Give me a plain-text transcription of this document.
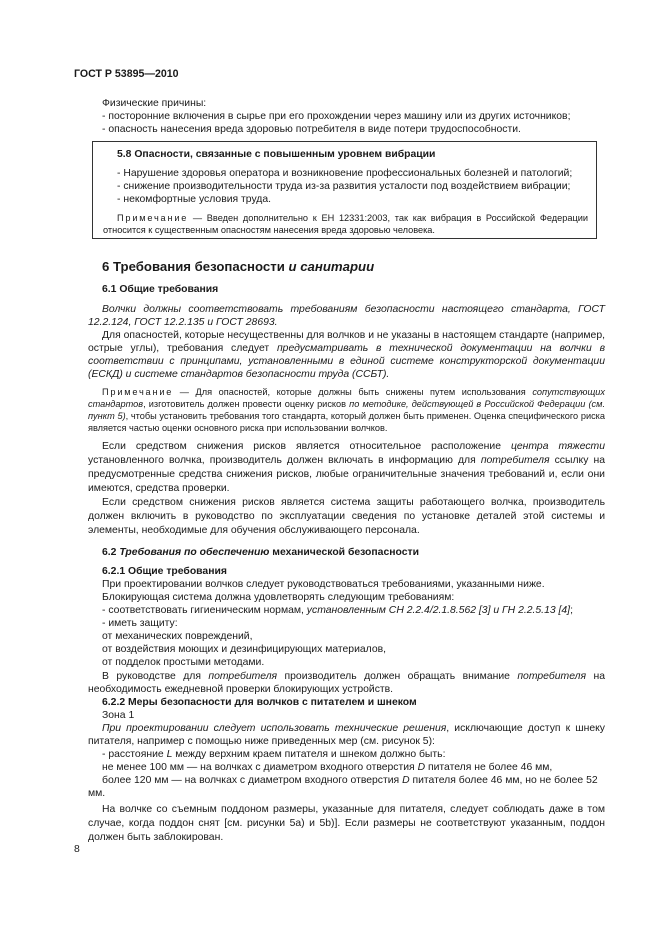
ГОСТ Р 53895—2010

Физические причины:

- посторонние включения в сырье при его прохождении через машину или из других источников;

- опасность нанесения вреда здоровью потребителя в виде потери трудоспособности.

5.8 Опасности, связанные с повышенным уровнем вибрации

- Нарушение здоровья оператора и возникновение профессиональных болезней и патологий;

- снижение производительности труда из-за развития усталости под воздействием вибрации;

- некомфортные условия труда.

Примечание — Введен дополнительно к ЕН 12331:2003, так как вибрация в Российской Федерации относится к существенным опасностям нанесения вреда здоровью человека.

6 Требования безопасности и санитарии
6.1 Общие требования

Волчки должны соответствовать требованиям безопасности настоящего стандарта, ГОСТ 12.2.124, ГОСТ 12.2.135 и ГОСТ 28693.

Для опасностей, которые несущественны для волчков и не указаны в настоящем стандарте (например, острые углы), требования следует предусматривать в технической документации на волчки в соответствии с принципами, установленными в единой системе конструкторской документации (ЕСКД) и системе стандартов безопасности труда (ССБТ).

Примечание — Для опасностей, которые должны быть снижены путем использования сопутствующих стандартов, изготовитель должен провести оценку рисков по методике, действующей в Российской Федерации (см. пункт 5), чтобы установить требования того стандарта, который должен быть применен. Оценка специфического риска является частью оценки основного риска при использовании волчков.

Если средством снижения рисков является относительное расположение центра тяжести установленного волчка, производитель должен включать в информацию для потребителя ссылку на предусмотренные средства снижения рисков, любые ограничительные значения требований и, если они имеются, средства проверки.

Если средством снижения рисков является система защиты работающего волчка, производитель должен включить в руководство по эксплуатации сведения по установке деталей этой системы и элементы, необходимые для обучения обслуживающего персонала.

6.2 Требования по обеспечению механической безопасности

6.2.1 Общие требования

При проектировании волчков следует руководствоваться требованиями, указанными ниже.

Блокирующая система должна удовлетворять следующим требованиям:

- соответствовать гигиеническим нормам, установленным СН 2.2.4/2.1.8.562 [3] и ГН 2.2.5.13 [4];

- иметь защиту:

от механических повреждений,

от воздействия моющих и дезинфицирующих материалов,

от подделок простыми методами.

В руководстве для потребителя производитель должен обращать внимание потребителя на необходимость ежедневной проверки блокирующих устройств.

6.2.2 Меры безопасности для волчков с питателем и шнеком

Зона 1

При проектировании следует использовать технические решения, исключающие доступ к шнеку питателя, например с помощью ниже приведенных мер (см. рисунок 5):

- расстояние L между верхним краем питателя и шнеком должно быть:

не менее 100 мм — на волчках с диаметром входного отверстия D питателя не более 46 мм,

более 120 мм — на волчках с диаметром входного отверстия D питателя более 46 мм, но не более 52 мм.

На волчке со съемным поддоном размеры, указанные для питателя, следует соблюдать даже в том случае, когда поддон снят [см. рисунки 5а) и 5b)]. Если размеры не соответствуют указанным, поддон должен быть заблокирован.

8
